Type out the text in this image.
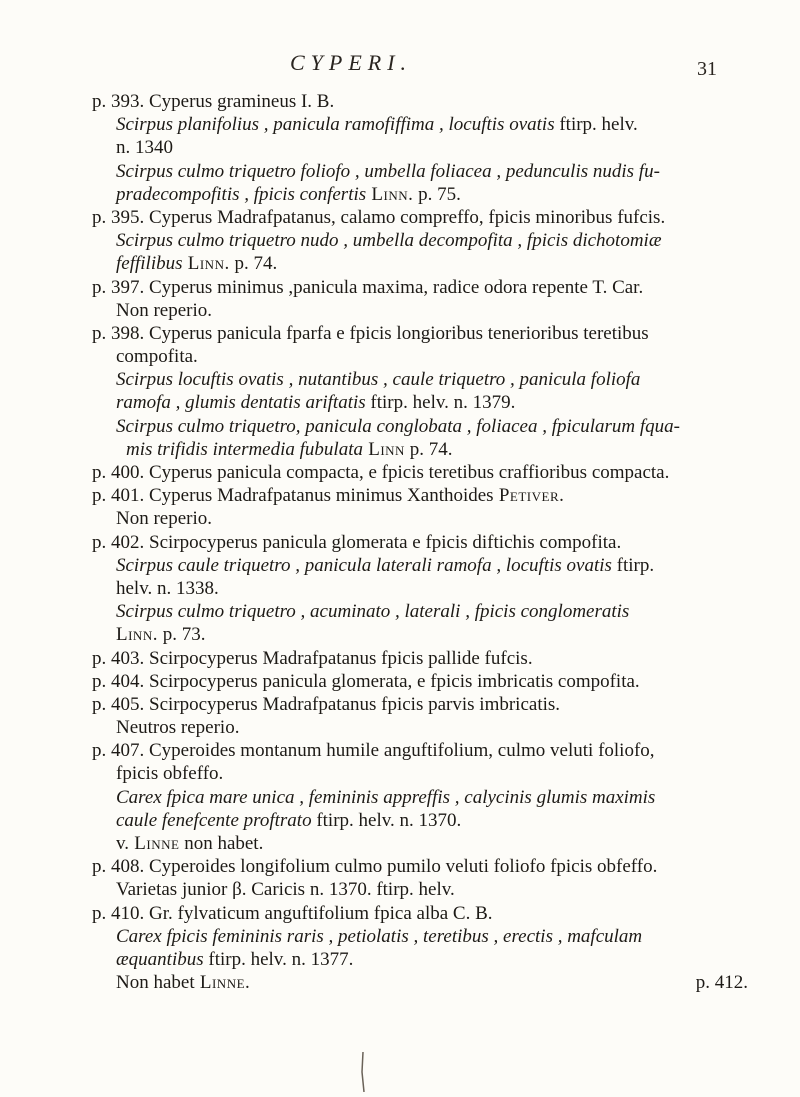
CYPERI.	31
p. 393. Cyperus gramineus I. B.
Scirpus planifolius , panicula ramofiffima , locuftis ovatis ftirp. helv.
n. 1340
Scirpus culmo triquetro foliofo , umbella foliacea , pedunculis nudis fu-
pradecompofitis , fpicis confertis Linn. p. 75.
p. 395. Cyperus Madrafpatanus, calamo compreffo, fpicis minoribus fufcis.
Scirpus culmo triquetro nudo , umbella decompofita , fpicis dichotomiæ
feffilibus Linn. p. 74.
p. 397. Cyperus minimus ,panicula maxima, radice odora repente T. Car.
Non reperio.
p. 398. Cyperus panicula fparfa e fpicis longioribus tenerioribus teretibus
compofita.
Scirpus locuftis ovatis , nutantibus , caule triquetro , panicula foliofa
ramofa , glumis dentatis ariftatis ftirp. helv. n. 1379.
Scirpus culmo triquetro, panicula conglobata , foliacea , fpicularum fqua-
mis trifidis intermedia fubulata Linn p. 74.
p. 400. Cyperus panicula compacta, e fpicis teretibus craffioribus compacta.
p. 401. Cyperus Madrafpatanus minimus Xanthoides Petiver.
Non reperio.
p. 402. Scirpocyperus panicula glomerata e fpicis diftichis compofita.
Scirpus caule triquetro , panicula laterali ramofa , locuftis ovatis ftirp.
helv. n. 1338.
Scirpus culmo triquetro , acuminato , laterali , fpicis conglomeratis
Linn. p. 73.
p. 403. Scirpocyperus Madrafpatanus fpicis pallide fufcis.
p. 404. Scirpocyperus panicula glomerata, e fpicis imbricatis compofita.
p. 405. Scirpocyperus Madrafpatanus fpicis parvis imbricatis.
Neutros reperio.
p. 407. Cyperoides montanum humile anguftifolium, culmo veluti foliofo,
fpicis obfeffo.
Carex fpica mare unica , femininis appreffis , calycinis glumis maximis
caule fenefcente proftrato ftirp. helv. n. 1370.
v. Linne non habet.
p. 408. Cyperoides longifolium culmo pumilo veluti foliofo fpicis obfeffo.
Varietas junior β. Caricis n. 1370. ftirp. helv.
p. 410. Gr. fylvaticum anguftifolium fpica alba C. B.
Carex fpicis femininis raris , petiolatis , teretibus , erectis , mafculam
æquantibus ftirp. helv. n. 1377.
Non habet Linne.	p. 412.
